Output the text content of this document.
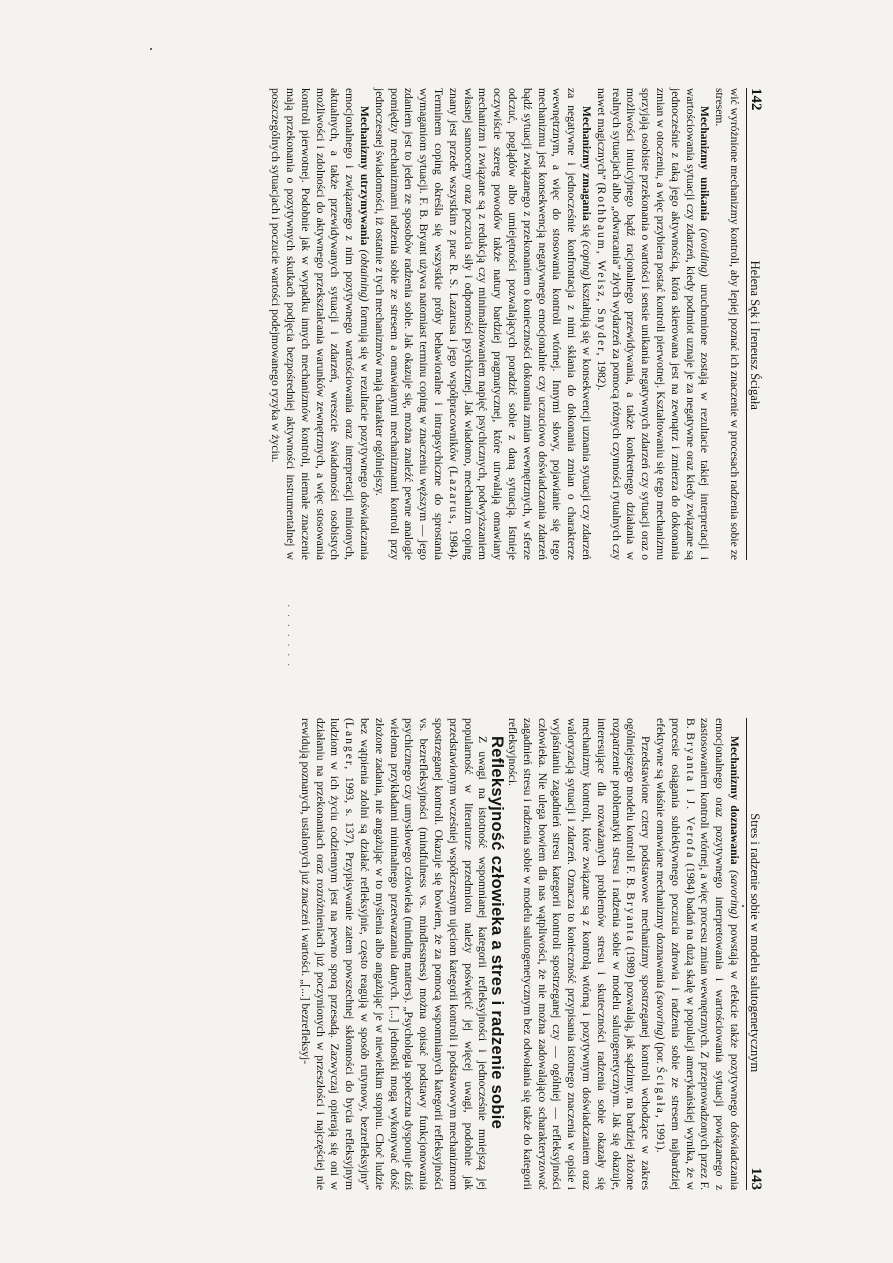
142
Helena Sęk i Ireneusz Ścigała

wić wyróżnione mechanizmy kontroli, aby lepiej poznać ich znaczenie w procesach radzenia sobie ze stresem.

Mechanizmy unikania (avoiding) uruchomione zostają w rezultacie takiej interpretacji i wartościowania sytuacji czy zdarzeń, kiedy podmiot uznaje je za negatywne oraz kiedy związane są jednocześnie z taką jego aktywnością, która skierowana jest na zewnątrz i zmierza do dokonania zmian w otoczeniu, a więc przybiera postać kontroli pierwotnej. Kształtowaniu się tego mechanizmu sprzyjają osobiste przekonania o wartości i sensie unikania negatywnych zdarzeń czy sytuacji oraz o możliwości intuicyjnego bądź racjonalnego przewidywania, a także konkretnego działania w realnych sytuacjach albo „odwracania” złych wydarzeń za pomocą różnych czynności rytualnych czy nawet magicznych” (Rothbaum, Weisz, Snyder, 1982).

Mechanizmy zmagania się (coping) kształtują się w konsekwencji uznania sytuacji czy zdarzeń za negatywne i jednocześnie konfrontacja z nimi skłania do dokonania zmian o charakterze wewnętrznym, a więc do stosowania kontroli wtórnej. Innymi słowy, pojawianie się tego mechanizmu jest konsekwencją negatywnego emocjonalnie czy uczuciowo doświadczania zdarzeń bądź sytuacji związanego z przekonaniem o konieczności dokonania zmian wewnętrznych, w sferze odczuć, poglądów albo umiejętności pozwalających poradzić sobie z daną sytuacją. Istnieje oczywiście szereg powodów także natury bardziej pragmatycznej, które utrwalają omawiany mechanizm i związane są z redukcją czy minimalizowaniem napięć psychicznych, podwyższaniem własnej samooceny oraz poczucia siły i odporności psychicznej. Jak wiadomo, mechanizm coping znany jest przede wszystkim z prac R. S. Lazarusa i jego współpracowników (Lazarus, 1984). Terminem coping określa się wszystkie próby behawioralne i intrapsychiczne do sprostania wymaganiom sytuacji. F. B. Bryant używa natomiast terminu coping w znaczeniu węższym — jego zdaniem jest to jeden ze sposobów radzenia sobie. Jak okazuje się, można znaleźć pewne analogie pomiędzy mechanizmami radzenia sobie ze stresem a omawianymi mechanizmami kontroli przy jednoczesnej świadomości, iż ostatnie z tych mechanizmów mają charakter ogólniejszy.

Mechanizmy utrzymywania (obtaining) formują się w rezultacie pozytywnego doświadczania emocjonalnego i związanego z nim pozytywnego wartościowania oraz interpretacji minionych, aktualnych, a także przewidywanych sytuacji i zdarzeń, wreszcie świadomości osobistych możliwości i zdolności do aktywnego przekształcania warunków zewnętrznych, a więc stosowania kontroli pierwotnej. Podobnie jak w wypadku innych mechanizmów kontroli, niemałe znaczenie mają przekonania o pozytywnych skutkach podjęcia bezpośredniej aktywności instrumentalnej w poszczególnych sytuacjach i poczucie wartości podejmowanego ryzyka w życiu.

· · · · · · ·
Stres i radzenie sobie w modelu salutogenetycznym
143

Mechanizmy doznawania (savoring) powstają w efekcie także pozytywnego doświadczania emocjonalnego oraz pozytywnego interpretowania i wartościowania sytuacji powiązanego z zastosowaniem kontroli wtórnej, a więc procesu zmian wewnętrznych. Z przeprowadzonych przez F. B. Bryanta i J. Verofa (1984) badań na dużą skalę w populacji amerykańskiej wynika, że w procesie osiągania subiektywnego poczucia zdrowia i radzenia sobie ze stresem najbardziej efektywne są właśnie omawiane mechanizmy doznawania (savoring) (por. Ścigała, 1991).

Przedstawione cztery podstawowe mechanizmy spostrzeganej kontroli wchodzące w zakres ogólniejszego modelu kontroli F. B. Bryanta (1989) pozwalają, jak sądzimy, na bardziej złożone rozpatrzenie problematyki stresu i radzenia sobie w modelu salutogenetycznym. Jak się okazuje, interesujące dla rozważanych problemów stresu i skuteczności radzenia sobie okazały się mechanizmy kontroli, które związane są z kontrolą wtórną i pozytywnym doświadczaniem oraz waloryzacją sytuacji i zdarzeń. Oznacza to konieczność przypisania istotnego znaczenia w opisie i wyjaśnianiu zagadnień stresu kategorii kontroli spostrzeganej czy — ogólniej — refleksyjności człowieka. Nie ulega bowiem dla nas wątpliwości, że nie można zadowalająco scharakteryzować zagadnień stresu i radzenia sobie w modelu salutogenetycznym bez odwołania się także do kategorii refleksyjności.

Refleksyjność człowieka a stres i radzenie sobie

Z uwagi na istotność wspomnianej kategorii refleksyjności i jednocześnie mniejszą jej popularność w literaturze przedmiotu należy poświęcić jej więcej uwagi, podobnie jak przedstawionym wcześniej współczesnym ujęciom kategorii kontroli i podstawowym mechanizmom spostrzeganej kontroli. Okazuje się bowiem, że za pomocą wspomnianych kategorii refleksyjności vs. bezrefleksyjności (mindfulness vs. mindlessness) można opisać podstawy funkcjonowania psychicznego czy umysłowego człowieka (minding matters). „Psychologia społeczna dysponuje dziś wieloma przykładami minimalnego przetwarzania danych. [...] jednostki mogą wykonywać dość złożone zadania, nie angażując w to myślenia albo angażując je w niewielkim stopniu. Choć ludzie bez wątpienia zdolni są działać refleksyjnie, często reagują w sposób rutynowy, bezrefleksyjny” (Langer, 1993, s. 137). Przypisywanie zatem powszechnej skłonności do bycia refleksyjnym ludziom w ich życiu codziennym jest na pewno sporą przesadą. Zazwyczaj opierają się oni w działaniu na przekonaniach oraz rozróżnieniach już poczynionych w przeszłości i najczęściej nie rewidują poznanych, ustalonych już znaczeń i wartości. „[...] bezrefleksyj-
